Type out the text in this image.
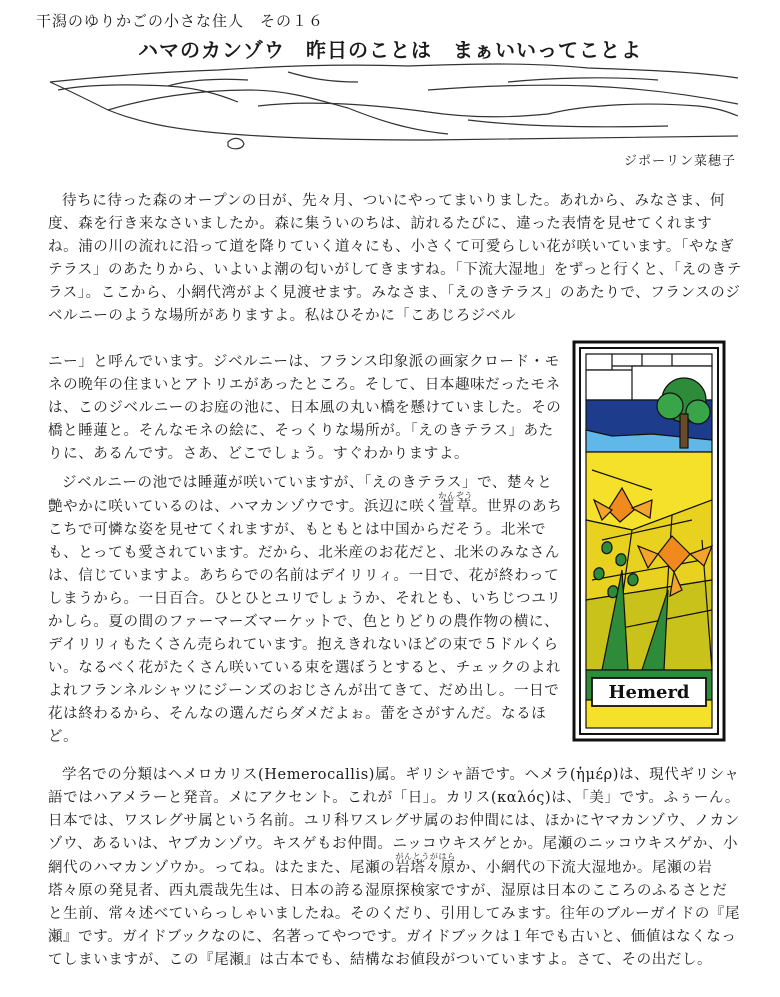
干潟のゆりかごの小さな住人　その１６
ハマのカンゾウ　昨日のことは　まぁいいってことよ
ジポーリン菜穂子

待ちに待った森のオープンの日が、先々月、ついにやってまいりました。あれから、みなさま、何度、森を行き来なさいましたか。森に集ういのちは、訪れるたびに、違った表情を見せてくれますね。浦の川の流れに沿って道を降りていく道々にも、小さくて可愛らしい花が咲いています。「やなぎテラス」のあたりから、いよいよ潮の匂いがしてきますね。「下流大湿地」をずっと行くと、「えのきテラス」。ここから、小網代湾がよく見渡せます。みなさま、「えのきテラス」のあたりで、フランスのジベルニーのような場所がありますよ。私はひそかに「こあじろジベル

ニー」と呼んでいます。ジベルニーは、フランス印象派の画家クロード・モネの晩年の住まいとアトリエがあったところ。そして、日本趣味だったモネは、このジベルニーのお庭の池に、日本風の丸い橋を懸けていました。その橋と睡蓮と。そんなモネの絵に、そっくりな場所が。「えのきテラス」あたりに、あるんです。さあ、どこでしょう。すぐわかりますよ。

ジベルニーの池では睡蓮が咲いていますが、「えのきテラス」で、楚々と艶やかに咲いているのは、ハマカンゾウです。浜辺に咲く萱草かんぞう。世界のあちこちで可憐な姿を見せてくれますが、もともとは中国からだそう。北米でも、とっても愛されています。だから、北米産のお花だと、北米のみなさんは、信じていますよ。あちらでの名前はデイリリィ。一日で、花が終わってしまうから。一日百合。ひとひとユリでしょうか、それとも、いちじつユリかしら。夏の間のファーマーズマーケットで、色とりどりの農作物の横に、デイリリィもたくさん売られています。抱えきれないほどの束で５ドルくらい。なるべく花がたくさん咲いている束を選ぼうとすると、チェックのよれよれフランネルシャツにジーンズのおじさんが出てきて、だめ出し。一日で花は終わるから、そんなの選んだらダメだよぉ。蕾をさがすんだ。なるほど。

学名での分類はヘメロカリス(Hemerocallis)属。ギリシャ語です。ヘメラ(ἡμέρ)は、現代ギリシャ語ではハアメラーと発音。メにアクセント。これが「日」。カリス(καλός)は、「美」です。ふぅーん。日本では、ワスレグサ属という名前。ユリ科ワスレグサ属のお仲間には、ほかにヤマカンゾウ、ノカンゾウ、あるいは、ヤブカンゾウ。キスゲもお仲間。ニッコウキスゲとか。尾瀬のニッコウキスゲか、小網代のハマカンゾウか。ってね。はたまた、尾瀬の岩塔々原がんとうがはらか、小網代の下流大湿地か。尾瀬の岩塔々原の発見者、西丸震哉先生は、日本の誇る湿原探検家ですが、湿原は日本のこころのふるさとだと生前、常々述べていらっしゃいましたね。そのくだり、引用してみます。往年のブルーガイドの『尾瀬』です。ガイドブックなのに、名著ってやつです。ガイドブックは１年でも古いと、価値はなくなってしまいますが、この『尾瀬』は古本でも、結構なお値段がついていますよ。さて、その出だし。

Hemerd
